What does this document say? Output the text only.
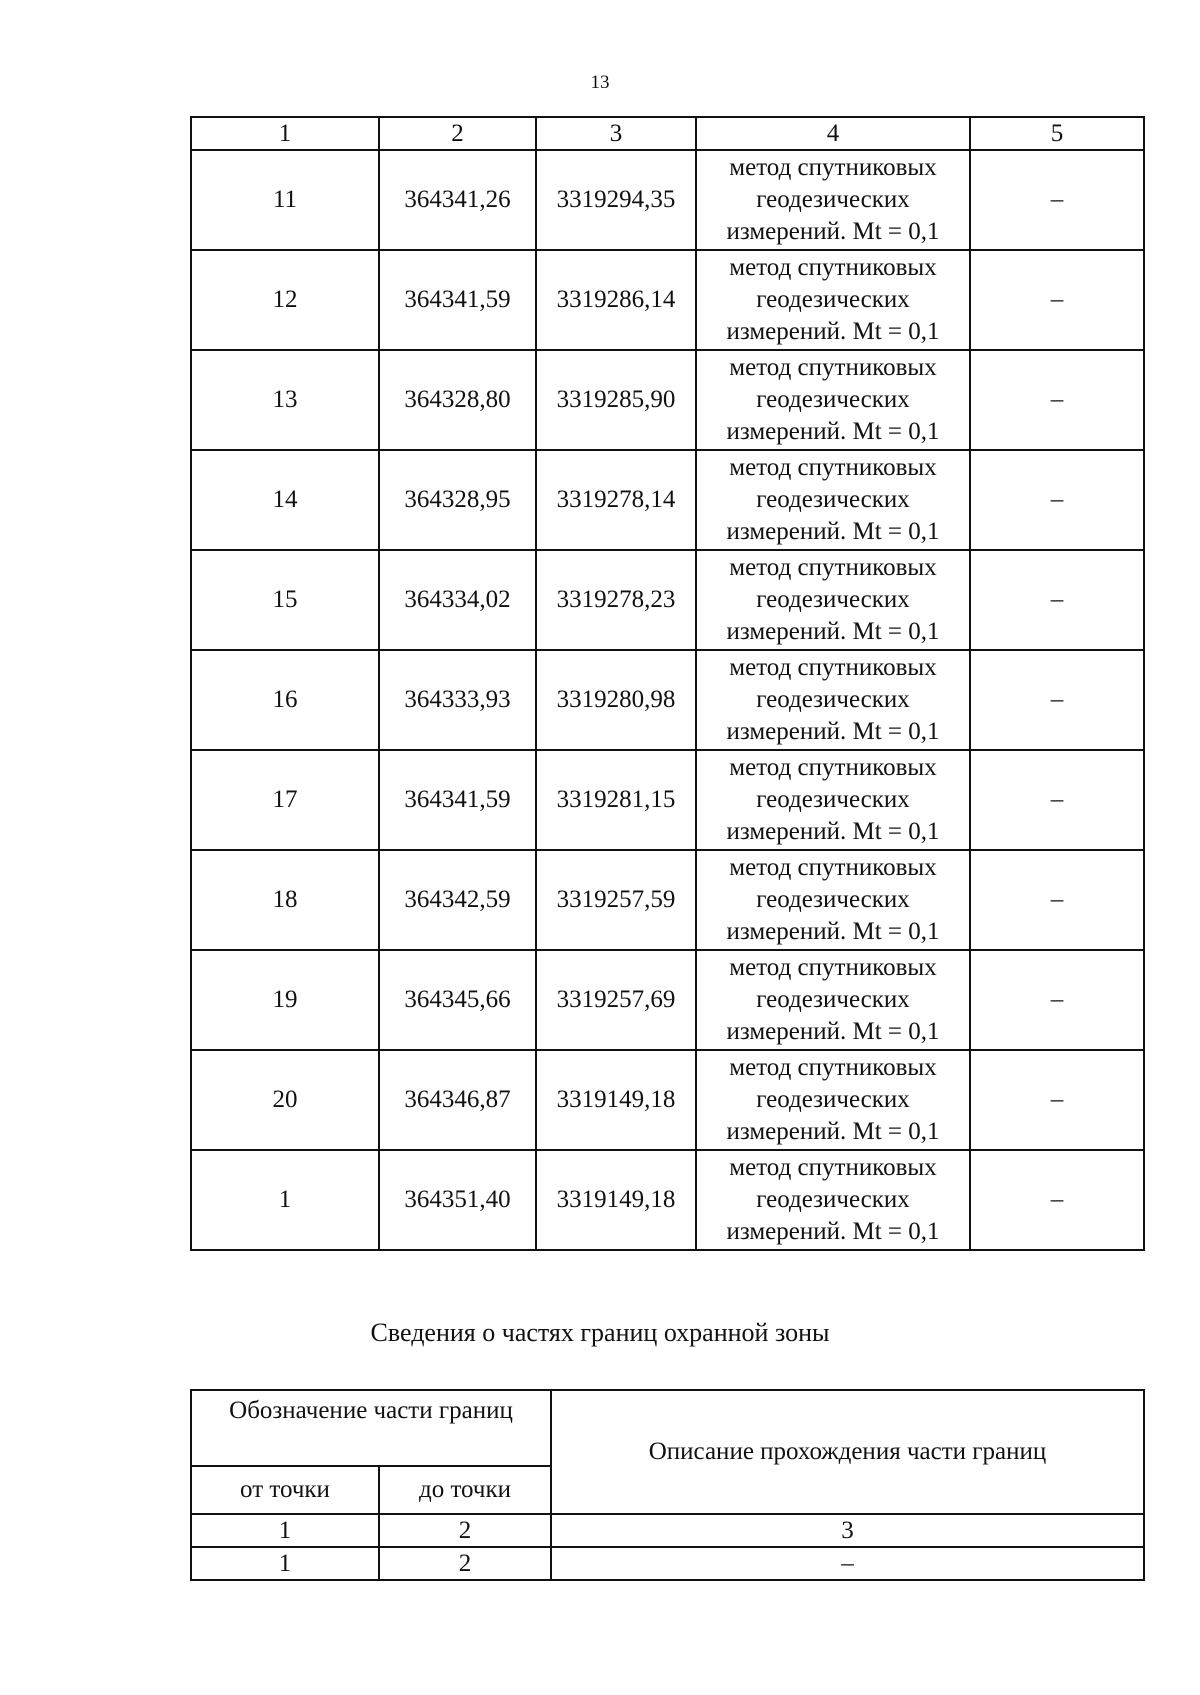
13
1	2	3	4	5
11	364341,26	3319294,35	метод спутниковых
геодезических
измерений. Mt = 0,1	–
12	364341,59	3319286,14	метод спутниковых
геодезических
измерений. Mt = 0,1	–
13	364328,80	3319285,90	метод спутниковых
геодезических
измерений. Mt = 0,1	–
14	364328,95	3319278,14	метод спутниковых
геодезических
измерений. Mt = 0,1	–
15	364334,02	3319278,23	метод спутниковых
геодезических
измерений. Mt = 0,1	–
16	364333,93	3319280,98	метод спутниковых
геодезических
измерений. Mt = 0,1	–
17	364341,59	3319281,15	метод спутниковых
геодезических
измерений. Mt = 0,1	–
18	364342,59	3319257,59	метод спутниковых
геодезических
измерений. Mt = 0,1	–
19	364345,66	3319257,69	метод спутниковых
геодезических
измерений. Mt = 0,1	–
20	364346,87	3319149,18	метод спутниковых
геодезических
измерений. Mt = 0,1	–
1	364351,40	3319149,18	метод спутниковых
геодезических
измерений. Mt = 0,1	–
Сведения о частях границ охранной зоны
Обозначение части границ		Описание прохождения части границ
от точки	до точки	
1	2	3
1	2	–
